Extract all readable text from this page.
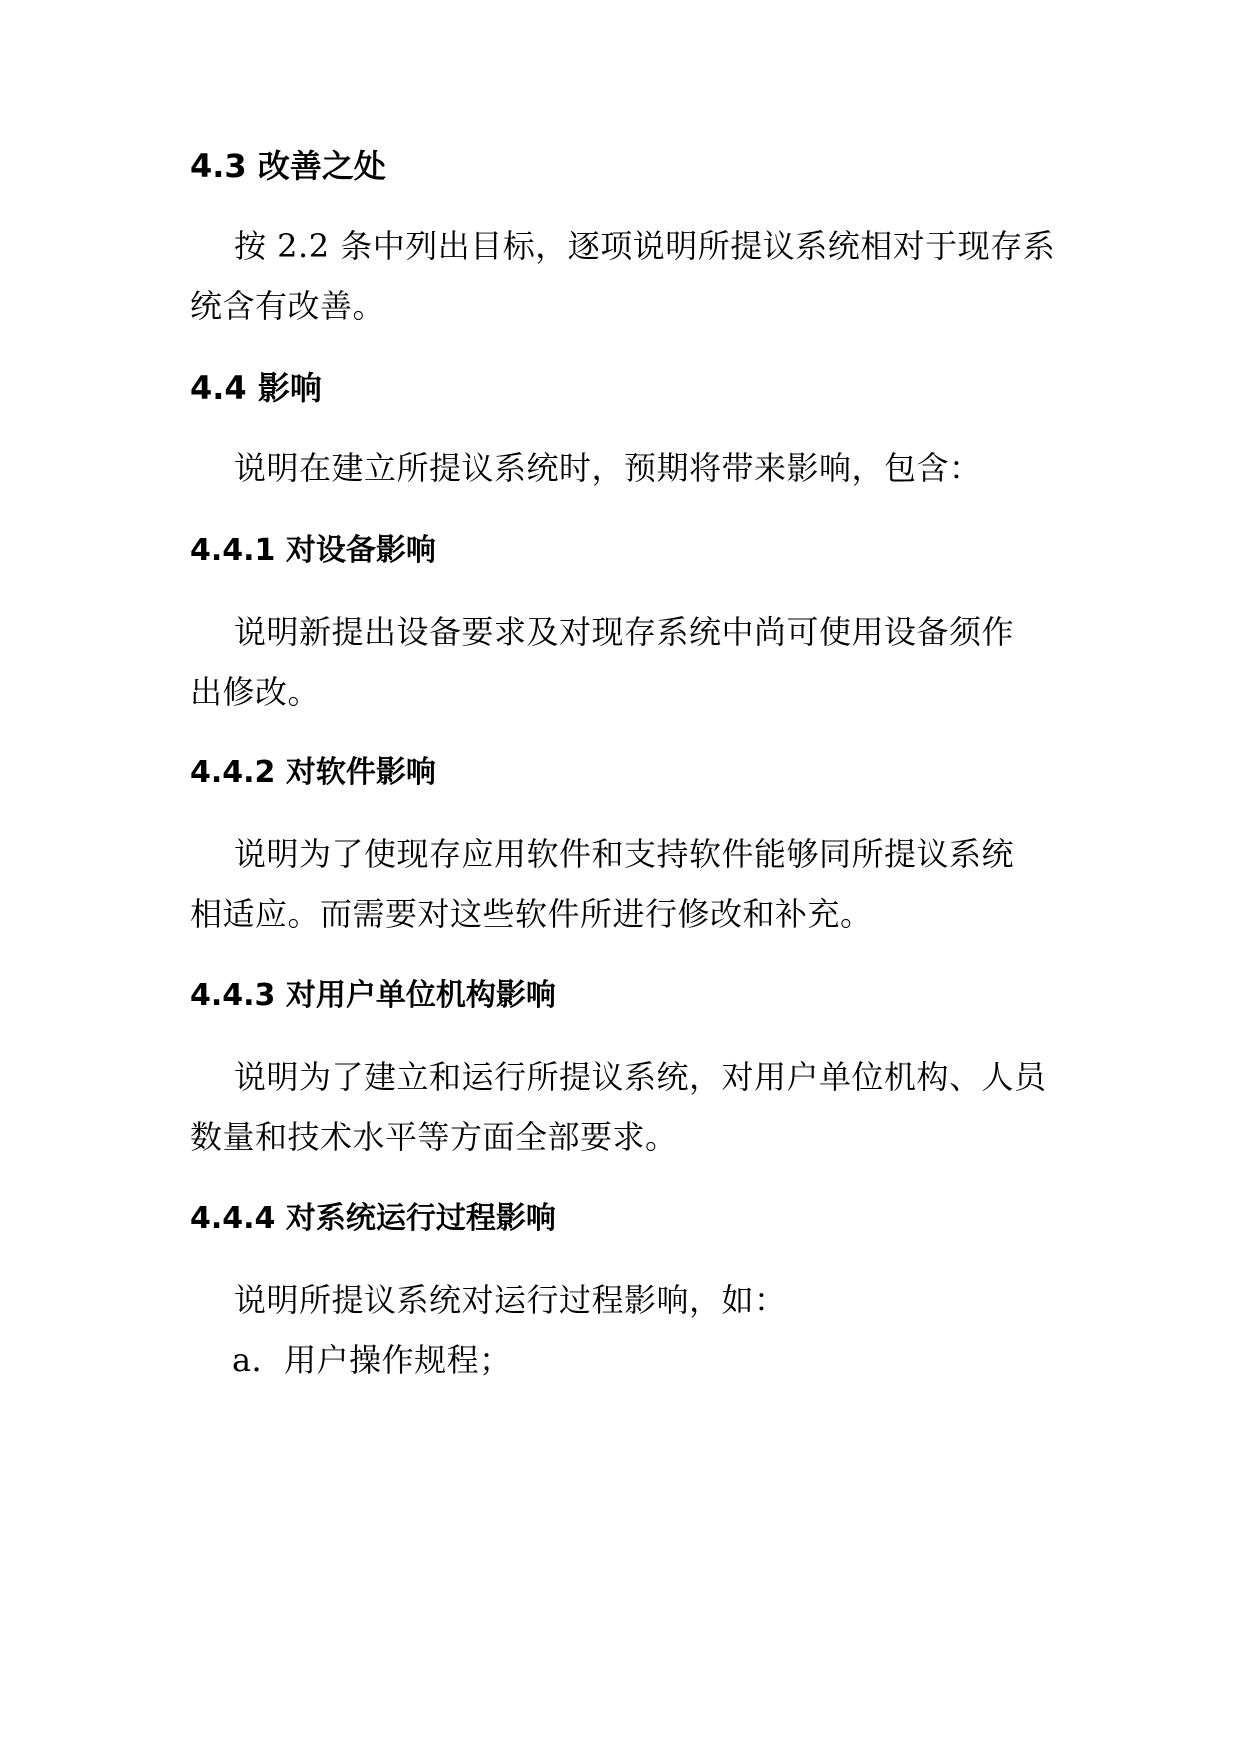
4.3 改善之处

按 2.2 条中列出目标，逐项说明所提议系统相对于现存系

统含有改善。

4.4 影响

说明在建立所提议系统时，预期将带来影响，包含：

4.4.1 对设备影响

说明新提出设备要求及对现存系统中尚可使用设备须作

出修改。

4.4.2 对软件影响

说明为了使现存应用软件和支持软件能够同所提议系统

相适应。而需要对这些软件所进行修改和补充。

4.4.3 对用户单位机构影响

说明为了建立和运行所提议系统，对用户单位机构、人员

数量和技术水平等方面全部要求。

4.4.4 对系统运行过程影响

说明所提议系统对运行过程影响，如：

a．用户操作规程；
